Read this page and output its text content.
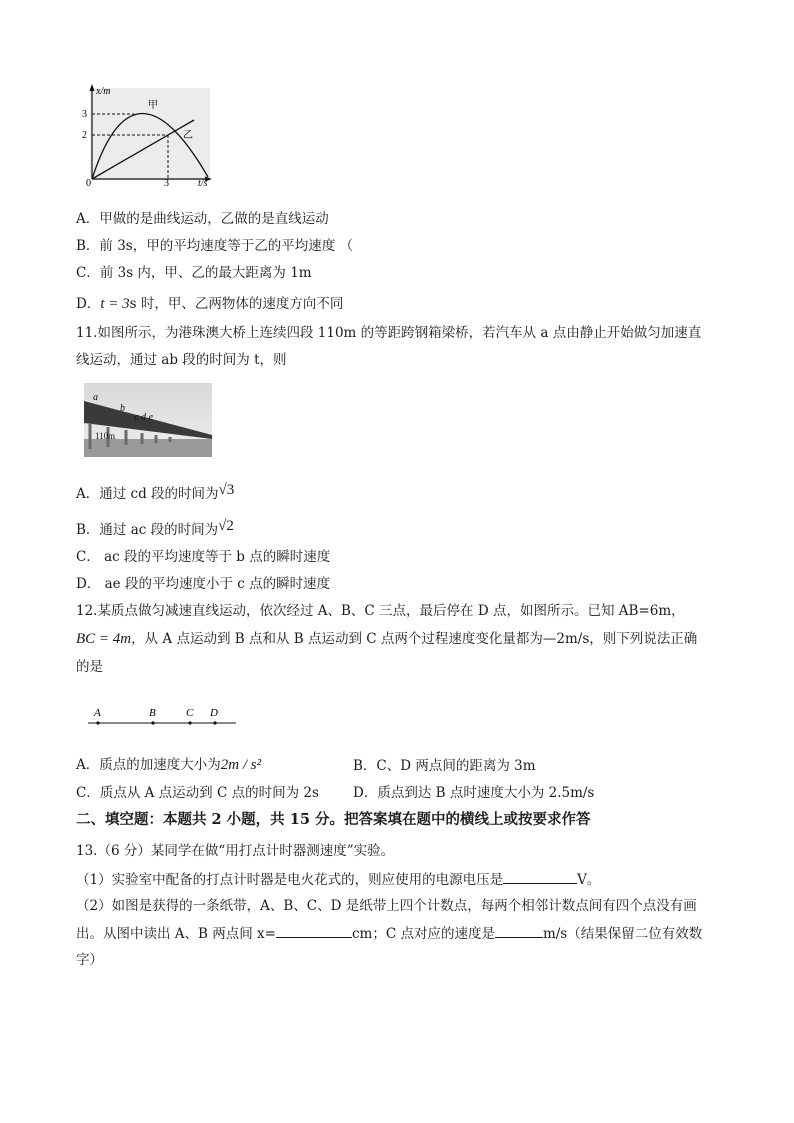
x/m
3
2
0	3	t/s
甲
乙
A．甲做的是曲线运动，乙做的是直线运动
B．前 3s，甲的平均速度等于乙的平均速度 （
C．前 3s 内，甲、乙的最大距离为 1m
D．t = 3s 时，甲、乙两物体的速度方向不同
11.如图所示，为港珠澳大桥上连续四段 110m 的等距跨钢箱梁桥，若汽车从 a 点由静止开始做匀加速直
线运动，通过 ab 段的时间为 t，则
a
b
c d e
110m
A．通过 cd 段的时间为√3
B．通过 ac 段的时间为√2
C． ac 段的平均速度等于 b 点的瞬时速度
D． ae 段的平均速度小于 c 点的瞬时速度
12.某质点做匀减速直线运动，依次经过 A、B、C 三点，最后停在 D 点，如图所示。已知 AB=6m，
BC = 4m，从 A 点运动到 B 点和从 B 点运动到 C 点两个过程速度变化量都为—2m/s，则下列说法正确
的是
A	B	C D
A．质点的加速度大小为2m / s²	B．C、D 两点间的距离为 3m
C．质点从 A 点运动到 C 点的时间为 2s	D．质点到达 B 点时速度大小为 2.5m/s
二、填空题：本题共 2 小题，共 15 分。把答案填在题中的横线上或按要求作答
13.（6 分）某同学在做“用打点计时器测速度”实验。
（1）实验室中配备的打点计时器是电火花式的，则应使用的电源电压是	V。
（2）如图是获得的一条纸带，A、B、C、D 是纸带上四个计数点，每两个相邻计数点间有四个点没有画
出。从图中读出 A、B 两点间 x=	cm；C 点对应的速度是	m/s（结果保留二位有效数
字）
